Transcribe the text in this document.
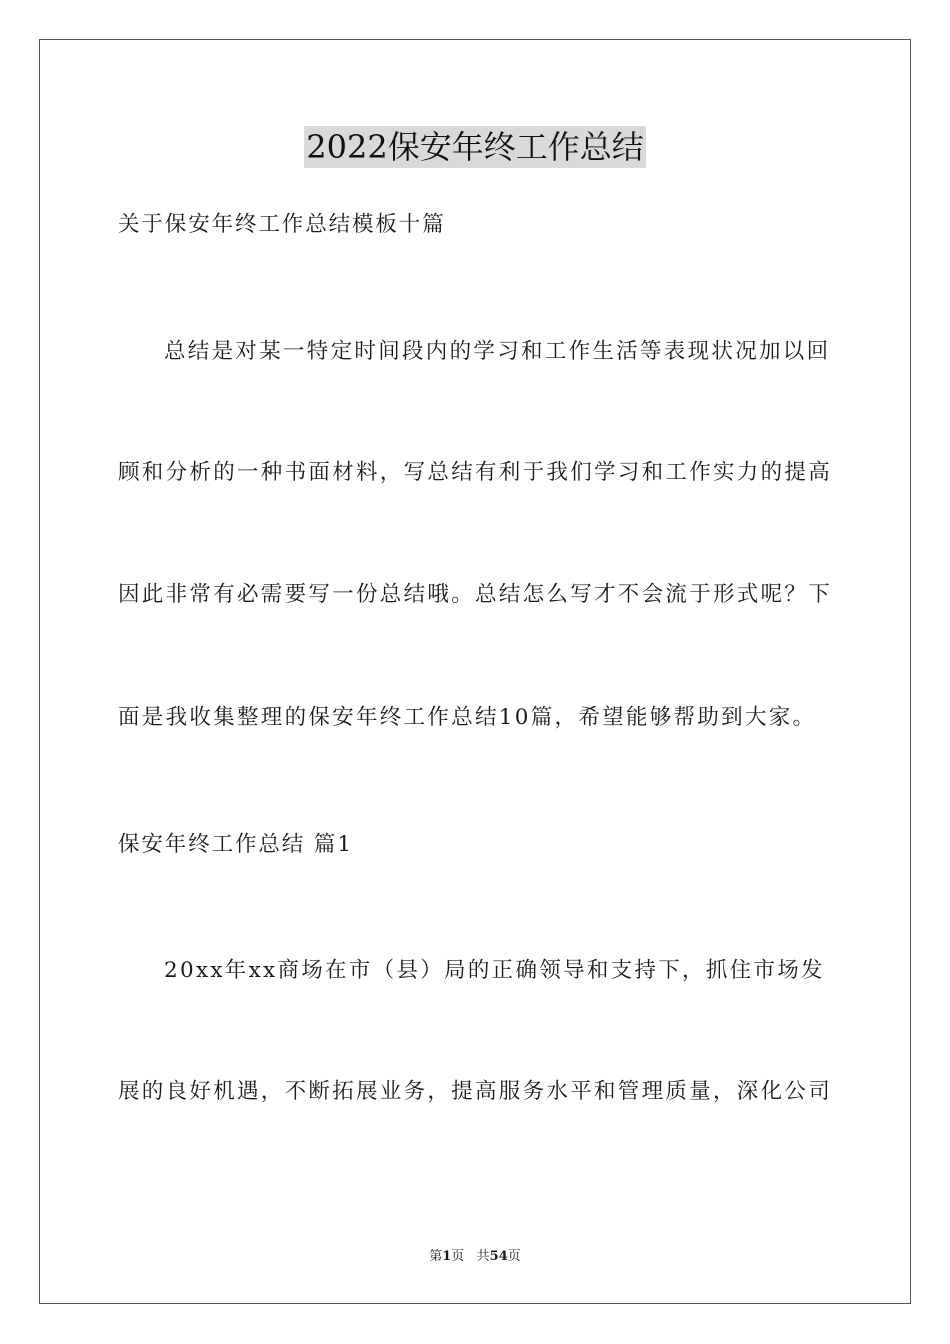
2022保安年终工作总结
关于保安年终工作总结模板十篇
总结是对某一特定时间段内的学习和工作生活等表现状况加以回
顾和分析的一种书面材料，写总结有利于我们学习和工作实力的提高
因此非常有必需要写一份总结哦。总结怎么写才不会流于形式呢？下
面是我收集整理的保安年终工作总结10篇，希望能够帮助到大家。
保安年终工作总结 篇1
20xx年xx商场在市（县）局的正确领导和支持下，抓住市场发
展的良好机遇，不断拓展业务，提高服务水平和管理质量，深化公司
第1页   共54页
